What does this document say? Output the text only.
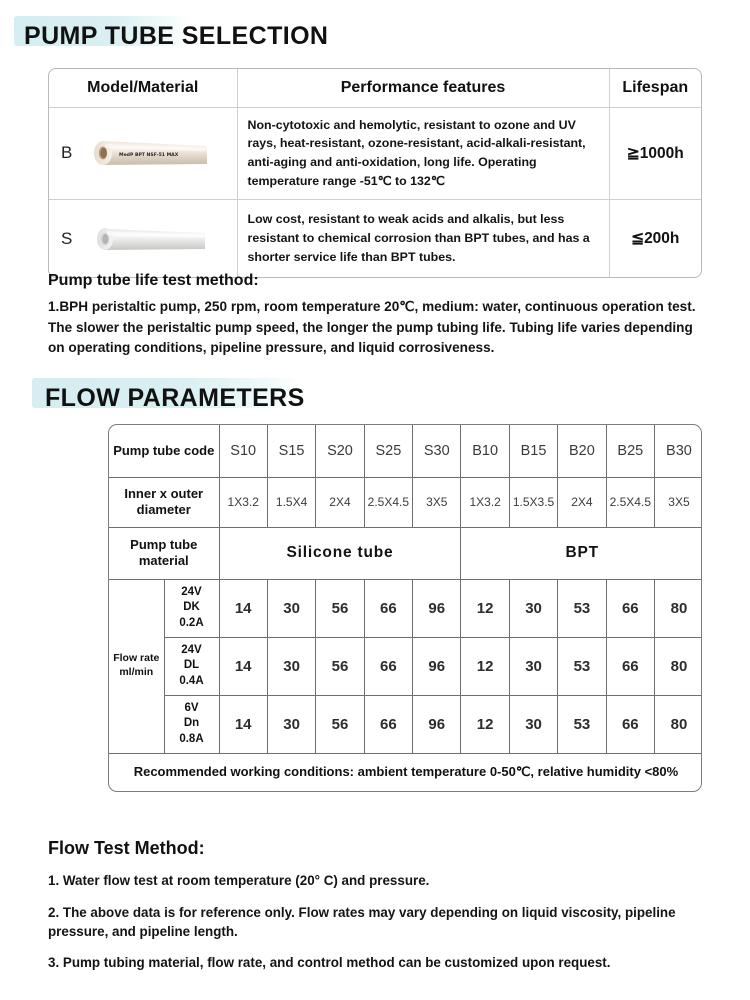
PUMP TUBE SELECTION
Model/Material	Performance features	Lifespan

B MedP BPT NSF-51 MAX	Non-cytotoxic and hemolytic, resistant to ozone and UV rays, heat-resistant, ozone-resistant, acid-alkali-resistant, anti-aging and anti-oxidation, long life. Operating temperature range -51℃ to 132℃	≧1000h

S	Low cost, resistant to weak acids and alkalis, but less resistant to chemical corrosion than BPT tubes, and has a shorter service life than BPT tubes.	≦200h
Pump tube life test method:

1.BPH peristaltic pump, 250 rpm, room temperature 20℃, medium: water, continuous operation test.

The slower the peristaltic pump speed, the longer the pump tubing life. Tubing life varies depending on operating conditions, pipeline pressure, and liquid corrosiveness.

FLOW PARAMETERS
Pump tube code		S10	S15	S20	S25	S30	B10	B15	B20	B25	B30
Inner x outer diameter		1X3.2	1.5X4	2X4	2.5X4.5	3X5	1X3.2	1.5X3.5	2X4	2.5X4.5	3X5
Pump tube material		Silicone tube					BPT				
Flow rate ml/min	24V
DK
0.2A	14	30	56	66	96	12	30	53	66	80
	24V
DL
0.4A	14	30	56	66	96	12	30	53	66	80
	6V
Dn
0.8A	14	30	56	66	96	12	30	53	66	80
Recommended working conditions: ambient temperature 0-50℃, relative humidity <80%											
Flow Test Method:

1. Water flow test at room temperature (20° C) and pressure.

2. The above data is for reference only. Flow rates may vary depending on liquid viscosity, pipeline pressure, and pipeline length.

3. Pump tubing material, flow rate, and control method can be customized upon request.
